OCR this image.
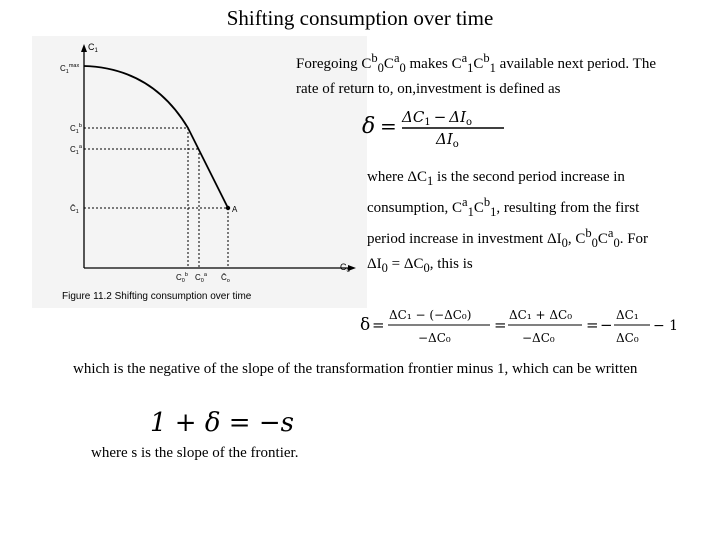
Shifting consumption over time
$C_1$
$C_o$
A
$C_1^{max}$
$C_1^b$
$C_1^a$
$C̄_1$
$C_0^b$ $C_0^a$ $C̄_o$
Figure 11.2 Shifting consumption over time
Foregoing $C^b_0C^a_0$ makes $C^a_1C^b_1$ available next period. The rate of return to, on,investment is defined as
$\delta = \Delta C_1 - \Delta I_o$
$\Delta I_o$
where $\Delta C_1$ is the second period increase in consumption, $C^a_1C^b_1$, resulting from the first period increase in investment $\Delta I_0$, $C^b_0C^a_0$. For $\Delta I_0 = \Delta C_0$, this is
δ =
ΔC₁ − (−ΔC₀)
−ΔC₀
=
ΔC₁ + ΔC₀
−ΔC₀
= −
ΔC₁
ΔC₀
− 1
which is the negative of the slope of the transformation frontier minus 1, which can be written
1 + δ = −s
where s is the slope of the frontier.
